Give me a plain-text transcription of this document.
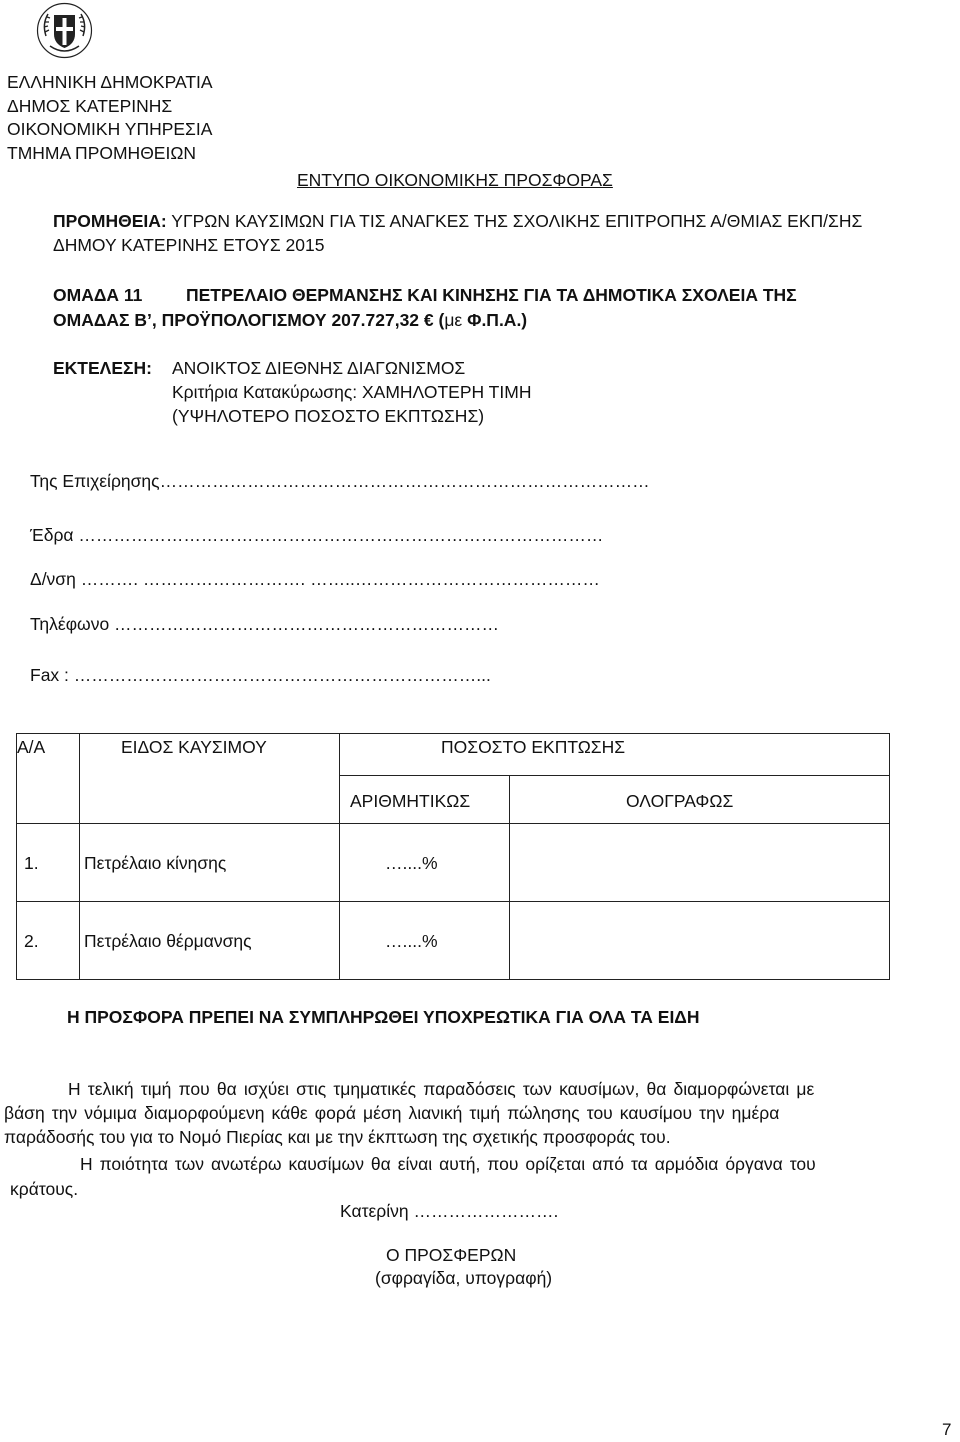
ΕΛΛΗΝΙΚΗ ΔΗΜΟΚΡΑΤΙΑ
ΔΗΜΟΣ ΚΑΤΕΡΙΝΗΣ
ΟΙΚΟΝΟΜΙΚΗ ΥΠΗΡΕΣΙΑ
ΤΜΗΜΑ ΠΡΟΜΗΘΕΙΩΝ
ΕΝΤΥΠΟ ΟΙΚΟΝΟΜΙΚΗΣ ΠΡΟΣΦΟΡΑΣ
ΠΡΟΜΗΘΕΙΑ: ΥΓΡΩΝ ΚΑΥΣΙΜΩΝ ΓΙΑ ΤΙΣ ΑΝΑΓΚΕΣ ΤΗΣ ΣΧΟΛΙΚΗΣ ΕΠΙΤΡΟΠΗΣ Α/ΘΜΙΑΣ ΕΚΠ/ΣΗΣ
ΔΗΜΟΥ ΚΑΤΕΡΙΝΗΣ ΕΤΟΥΣ 2015
ΟΜΑΔΑ 11 ΠΕΤΡΕΛΑΙΟ ΘΕΡΜΑΝΣΗΣ ΚΑΙ ΚΙΝΗΣΗΣ ΓΙΑ ΤΑ ΔΗΜΟΤΙΚΑ ΣΧΟΛΕΙΑ ΤΗΣ
ΟΜΑΔΑΣ Β’, ΠΡΟΫΠΟΛΟΓΙΣΜΟΥ 207.727,32 € (με Φ.Π.Α.)
ΕΚΤΕΛΕΣΗ: ΑΝΟΙΚΤΟΣ ΔΙΕΘΝΗΣ ΔΙΑΓΩΝΙΣΜΟΣ
Κριτήρια Κατακύρωσης: ΧΑΜΗΛΟΤΕΡΗ ΤΙΜΗ
(ΥΨΗΛΟΤΕΡΟ ΠΟΣΟΣΤΟ ΕΚΠΤΩΣΗΣ)
Της Επιχείρησης…………………………………………………………………………
Έδρα ………………………………………………………………………………
Δ/νση ………. ………………………. ……..……………………………………
Τηλέφωνο …………………………………………………………
Fax : ……………………………………………………………...
Α/Α	ΕΙΔΟΣ ΚΑΥΣΙΜΟΥ	ΠΟΣΟΣΤΟ ΕΚΠΤΩΣΗΣ
ΑΡΙΘΜΗΤΙΚΩΣ	ΟΛΟΓΡΑΦΩΣ
1.	Πετρέλαιο κίνησης	…....%
2.	Πετρέλαιο θέρμανσης	…....%
Η ΠΡΟΣΦΟΡΑ ΠΡΕΠΕΙ ΝΑ ΣΥΜΠΛΗΡΩΘΕΙ ΥΠΟΧΡΕΩΤΙΚΑ ΓΙΑ ΟΛΑ ΤΑ ΕΙΔΗ
Η τελική τιμή που θα ισχύει στις τμηματικές παραδόσεις των καυσίμων, θα διαμορφώνεται με
βάση την νόμιμα διαμορφούμενη κάθε φορά μέση λιανική τιμή πώλησης του καυσίμου την ημέρα
παράδοσής του για το Νομό Πιερίας και με την έκπτωση της σχετικής προσφοράς του.
Η ποιότητα των ανωτέρω καυσίμων θα είναι αυτή, που ορίζεται από τα αρμόδια όργανα του
κράτους.
Κατερίνη …………………….
Ο ΠΡΟΣΦΕΡΩΝ
(σφραγίδα, υπογραφή)
7
